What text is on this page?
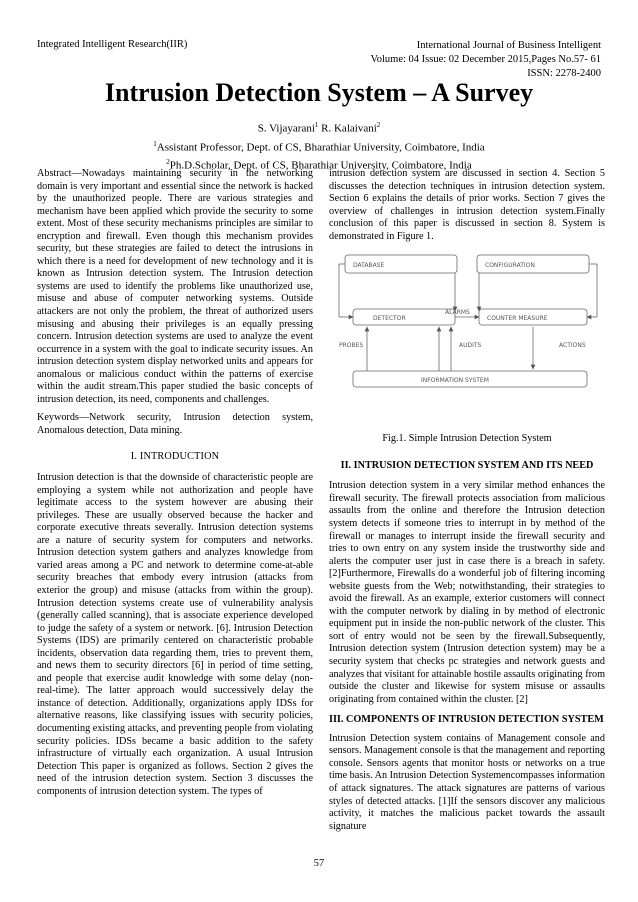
Integrated Intelligent Research(IIR)	International Journal of Business Intelligent
Volume: 04 Issue: 02 December 2015,Pages No.57- 61
ISSN: 2278-2400
Intrusion Detection System – A Survey
S. Vijayarani$^1$ R. Kalaivani$^2$
$^1$Assistant Professor, Dept. of CS, Bharathiar University, Coimbatore, India
$^2$Ph.D.Scholar, Dept. of CS, Bharathiar University, Coimbatore, India

Abstract—Nowadays maintaining security in the networking domain is very important and essential since the network is hacked by the unauthorized people. There are various strategies and mechanism have been applied which provide the security to some extent. Most of these security mechanisms principles are similar to encryption and firewall. Even though this mechanism provides security, but these strategies are failed to detect the intrusions in which there is a need for development of new technology and it is known as Intrusion detection system. The Intrusion detection systems are used to identify the problems like unauthorized use, misuse and abuse of computer networking systems. Outside attackers are not only the problem, the threat of authorized users misusing and abusing their privileges is an equally pressing concern. Intrusion detection systems are used to analyze the event occurrence in a system with the goal to indicate security issues. An intrusion detection system display networked units and appears for anomalous or malicious conduct within the patterns of exercise within the audit stream.This paper studied the basic concepts of intrusion detection, its need, components and challenges.

Keywords—Network security, Intrusion detection system, Anomalous detection, Data mining.

I. INTRODUCTION

Intrusion detection is that the downside of characteristic people are employing a system while not authorization and people have legitimate access to the system however are abusing their privileges. These are usually observed because the hacker and corporate executive threats severally. Intrusion detection systems are a nature of security system for computers and networks. Intrusion detection system gathers and analyzes knowledge from varied areas among a PC and network to determine come-at-able security breaches that embody every intrusion (attacks from exterior the group) and misuse (attacks from within the group). Intrusion detection systems create use of vulnerability analysis (generally called scanning), that is associate experience developed to judge the safety of a system or network. [6]. Intrusion Detection Systems (IDS) are primarily centered on characteristic probable incidents, observation data regarding them, tries to prevent them, and news them to security directors [6] in period of time setting, and people that exercise audit knowledge with some delay (non-real-time). The latter approach would successively delay the instance of detection. Additionally, organizations apply IDSs for alternative reasons, like classifying issues with security policies, documenting existing attacks, and preventing people from violating security policies. IDSs became a basic addition to the safety infrastructure of virtually each organization. A usual Intrusion Detection This paper is organized as follows. Section 2 gives the need of the intrusion detection system. Section 3 discusses the components of intrusion detection system. The types of

intrusion detection system are discussed in section 4. Section 5 discusses the detection techniques in intrusion detection system. Section 6 explains the details of prior works. Section 7 gives the overview of challenges in intrusion detection system.Finally conclusion of this paper is discussed in section 8. System is demonstrated in Figure 1.

DATABASE	CONFIGURATION
DETECTOR	COUNTER MEASURE
ALARMS
PROBES	AUDITS	ACTIONS
INFORMATION SYSTEM
Fig.1. Simple Intrusion Detection System
II. INTRUSION DETECTION SYSTEM AND ITS NEED

Intrusion detection system in a very similar method enhances the firewall security. The firewall protects association from malicious assaults from the online and therefore the Intrusion detection system detects if someone tries to interrupt in by method of the firewall or manages to interrupt inside the firewall security and tries to own entry on any system inside the trustworthy side and alerts the computer user just in case there is a breach in safety. [2]Furthermore, Firewalls do a wonderful job of filtering incoming website guests from the Web; notwithstanding, their strategies to avoid the firewall. As an example, exterior customers will connect with the computer network by dialing in by method of electronic equipment put in inside the non-public network of the cluster. This sort of entry would not be seen by the firewall.Subsequently, Intrusion detection system (Intrusion detection system) may be a security system that checks pc strategies and network guests and analyzes that visitant for attainable hostile assaults originating from outside the cluster and likewise for system misuse or assaults originating from contained within the cluster. [2]

III. COMPONENTS OF INTRUSION DETECTION SYSTEM

Intrusion Detection system contains of Management console and sensors. Management console is that the management and reporting console. Sensors agents that monitor hosts or networks on a true time basis. An Intrusion Detection Systemencompasses information of attack signatures. The attack signatures are patterns of various styles of detected attacks. [1]If the sensors discover any malicious activity, it matches the malicious packet towards the assault signature

57
